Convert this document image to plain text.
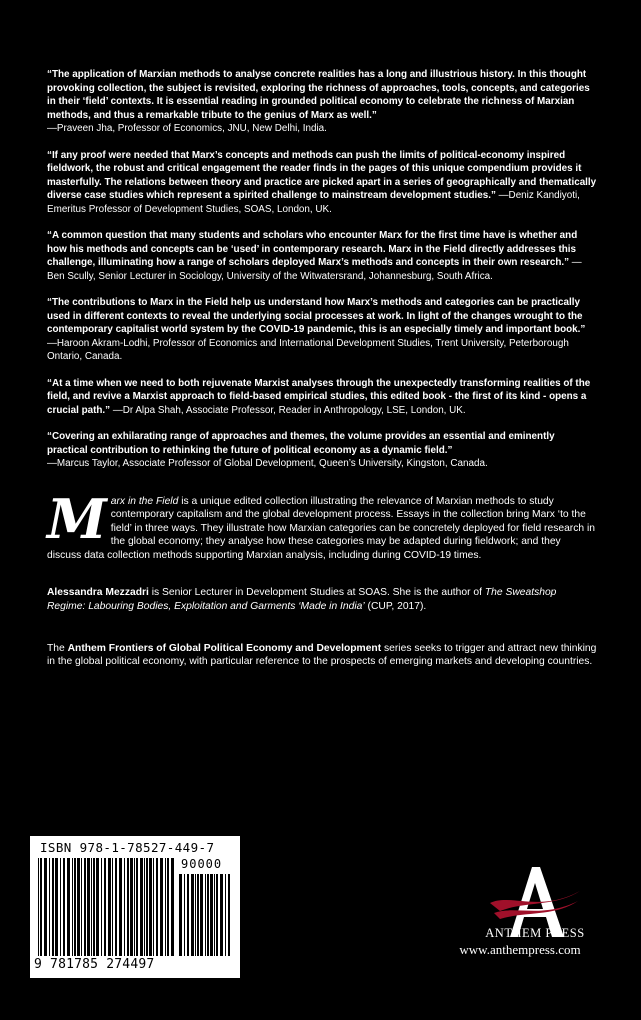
“The application of Marxian methods to analyse concrete realities has a long and illustrious history. In this thought provoking collection, the subject is revisited, exploring the richness of approaches, tools, concepts, and categories in their ‘field’ contexts. It is essential reading in grounded political economy to celebrate the richness of Marxian methods, and thus a remarkable tribute to the genius of Marx as well.”
—Praveen Jha, Professor of Economics, JNU, New Delhi, India.

“If any proof were needed that Marx’s concepts and methods can push the limits of political-economy inspired fieldwork, the robust and critical engagement the reader finds in the pages of this unique compendium provides it masterfully. The relations between theory and practice are picked apart in a series of geographically and thematically diverse case studies which represent a spirited challenge to mainstream development studies.” —Deniz Kandiyoti, Emeritus Professor of Development Studies, SOAS, London, UK.

“A common question that many students and scholars who encounter Marx for the first time have is whether and how his methods and concepts can be ‘used’ in contemporary research. Marx in the Field directly addresses this challenge, illuminating how a range of scholars deployed Marx’s methods and concepts in their own research.” —Ben Scully, Senior Lecturer in Sociology, University of the Witwatersrand, Johannesburg, South Africa.

“The contributions to Marx in the Field help us understand how Marx’s methods and categories can be practically used in different contexts to reveal the underlying social processes at work. In light of the changes wrought to the contemporary capitalist world system by the COVID-19 pandemic, this is an especially timely and important book.” —Haroon Akram-Lodhi, Professor of Economics and International Development Studies, Trent University, Peterborough Ontario, Canada.

“At a time when we need to both rejuvenate Marxist analyses through the unexpectedly transforming realities of the field, and revive a Marxist approach to field-based empirical studies, this edited book - the first of its kind - opens a crucial path.” —Dr Alpa Shah, Associate Professor, Reader in Anthropology, LSE, London, UK.

“Covering an exhilarating range of approaches and themes, the volume provides an essential and eminently practical contribution to rethinking the future of political economy as a dynamic field.”
—Marcus Taylor, Associate Professor of Global Development, Queen’s University, Kingston, Canada.

Marx in the Field is a unique edited collection illustrating the relevance of Marxian methods to study contemporary capitalism and the global development process. Essays in the collection bring Marx ‘to the field’ in three ways. They illustrate how Marxian categories can be concretely deployed for field research in the global economy; they analyse how these categories may be adapted during fieldwork; and they discuss data collection methods supporting Marxian analysis, including during COVID-19 times.
Alessandra Mezzadri is Senior Lecturer in Development Studies at SOAS. She is the author of The Sweatshop Regime: Labouring Bodies, Exploitation and Garments ‘Made in India’ (CUP, 2017).
The Anthem Frontiers of Global Political Economy and Development series seeks to trigger and attract new thinking in the global political economy, with particular reference to the prospects of emerging markets and developing countries.
ISBN 978-1-78527-449-7
90000
9 781785 274497
ANTHEM PRESS
www.anthempress.com
